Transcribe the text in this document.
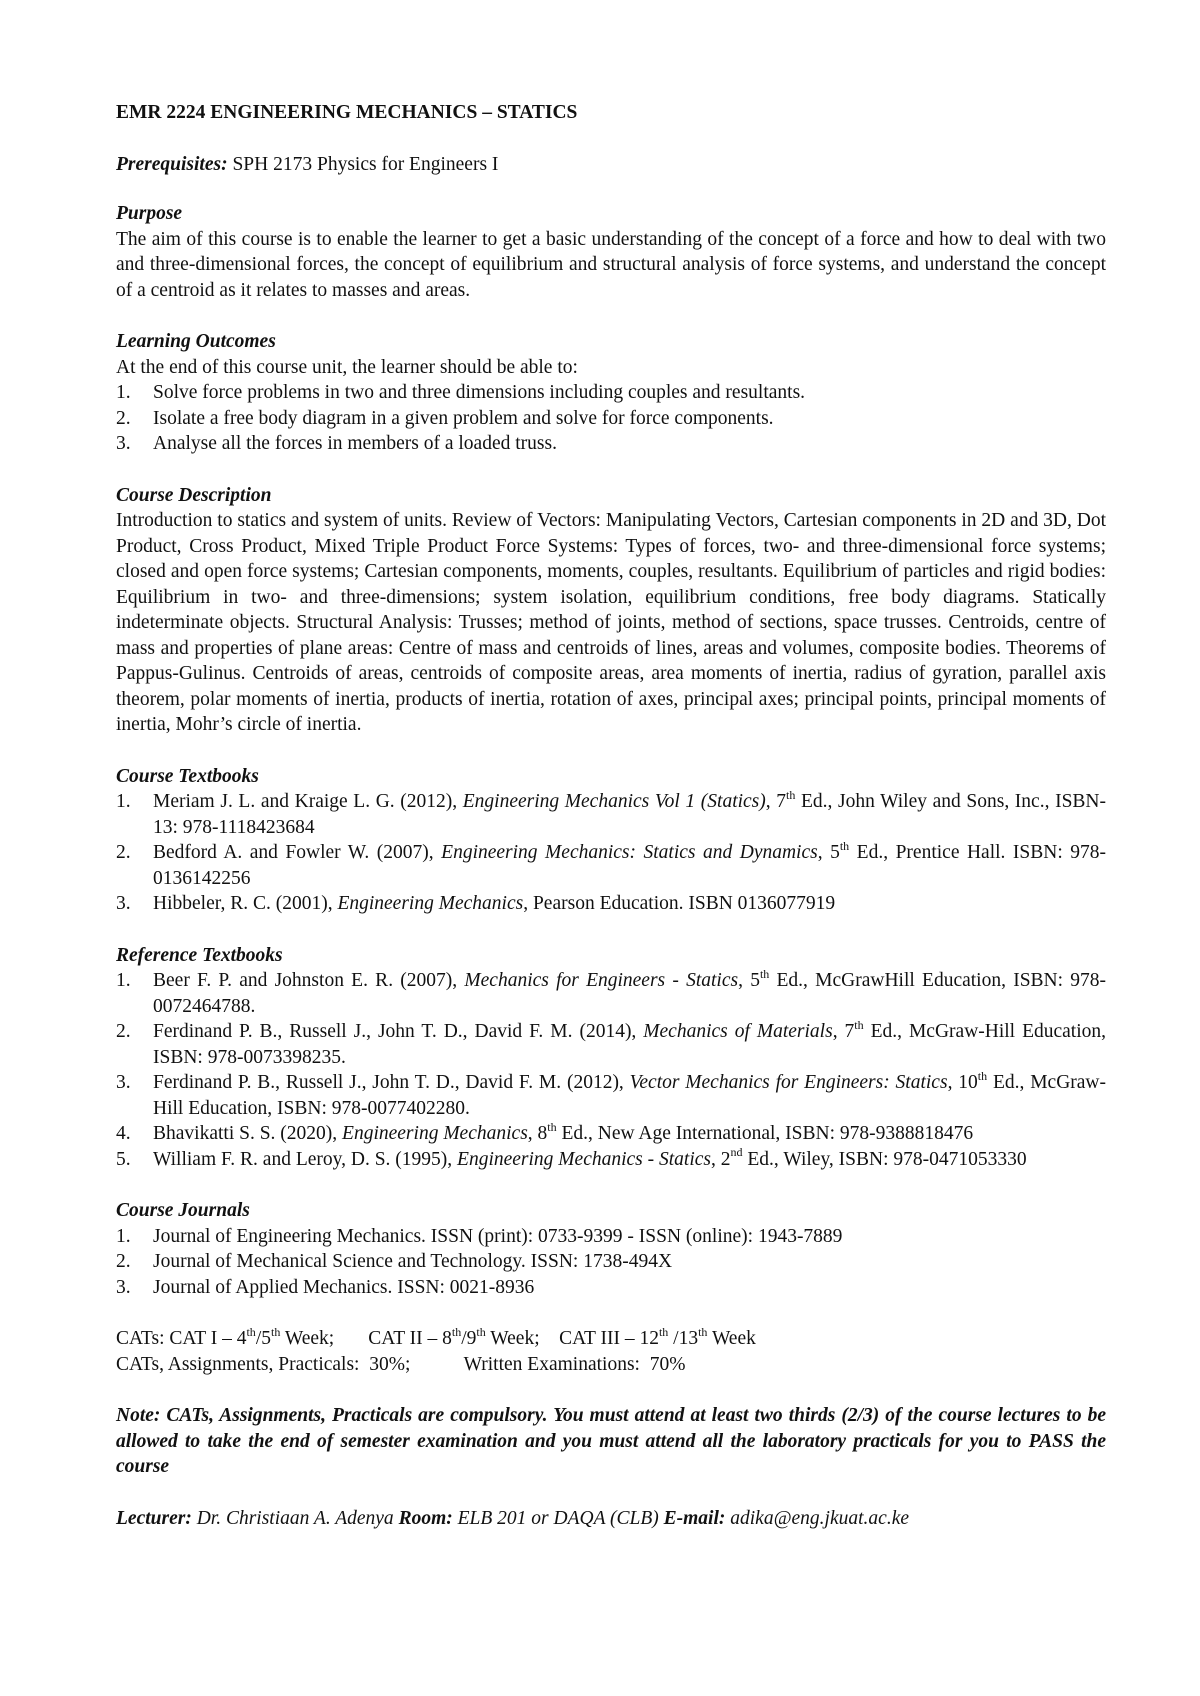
EMR 2224 ENGINEERING MECHANICS – STATICS

Prerequisites: SPH 2173 Physics for Engineers I

Purpose

The aim of this course is to enable the learner to get a basic understanding of the concept of a force and how to deal with two and three-dimensional forces, the concept of equilibrium and structural analysis of force systems, and understand the concept of a centroid as it relates to masses and areas.

Learning Outcomes

At the end of this course unit, the learner should be able to:

1. Solve force problems in two and three dimensions including couples and resultants.
2. Isolate a free body diagram in a given problem and solve for force components.
3. Analyse all the forces in members of a loaded truss.
Course Description

Introduction to statics and system of units. Review of Vectors: Manipulating Vectors, Cartesian components in 2D and 3D, Dot Product, Cross Product, Mixed Triple Product Force Systems: Types of forces, two- and three-dimensional force systems; closed and open force systems; Cartesian components, moments, couples, resultants. Equilibrium of particles and rigid bodies: Equilibrium in two- and three-dimensions; system isolation, equilibrium conditions, free body diagrams. Statically indeterminate objects. Structural Analysis: Trusses; method of joints, method of sections, space trusses. Centroids, centre of mass and properties of plane areas: Centre of mass and centroids of lines, areas and volumes, composite bodies. Theorems of Pappus-Gulinus. Centroids of areas, centroids of composite areas, area moments of inertia, radius of gyration, parallel axis theorem, polar moments of inertia, products of inertia, rotation of axes, principal axes; principal points, principal moments of inertia, Mohr’s circle of inertia.

Course Textbooks
1. Meriam J. L. and Kraige L. G. (2012), Engineering Mechanics Vol 1 (Statics), 7th Ed., John Wiley and Sons, Inc., ISBN-13: 978-1118423684
2. Bedford A. and Fowler W. (2007), Engineering Mechanics: Statics and Dynamics, 5th Ed., Prentice Hall. ISBN: 978-0136142256
3. Hibbeler, R. C. (2001), Engineering Mechanics, Pearson Education. ISBN 0136077919
Reference Textbooks
1. Beer F. P. and Johnston E. R. (2007), Mechanics for Engineers - Statics, 5th Ed., McGrawHill Education, ISBN: 978-0072464788.
2. Ferdinand P. B., Russell J., John T. D., David F. M. (2014), Mechanics of Materials, 7th Ed., McGraw-Hill Education, ISBN: 978-0073398235.
3. Ferdinand P. B., Russell J., John T. D., David F. M. (2012), Vector Mechanics for Engineers: Statics, 10th Ed., McGraw-Hill Education, ISBN: 978-0077402280.
4. Bhavikatti S. S. (2020), Engineering Mechanics, 8th Ed., New Age International, ISBN: 978-9388818476
5. William F. R. and Leroy, D. S. (1995), Engineering Mechanics - Statics, 2nd Ed., Wiley, ISBN: 978-0471053330
Course Journals
1. Journal of Engineering Mechanics. ISSN (print): 0733-9399 - ISSN (online): 1943-7889
2. Journal of Mechanical Science and Technology. ISSN: 1738-494X
3. Journal of Applied Mechanics. ISSN: 0021-8936
CATs: CAT I – 4th/5th Week;       CAT II – 8th/9th Week;    CAT III – 12th /13th Week
CATs, Assignments, Practicals:  30%;           Written Examinations:  70%

Note: CATs, Assignments, Practicals are compulsory. You must attend at least two thirds (2/3) of the course lectures to be allowed to take the end of semester examination and you must attend all the laboratory practicals for you to PASS the course

Lecturer: Dr. Christiaan A. Adenya Room: ELB 201 or DAQA (CLB) E-mail: adika@eng.jkuat.ac.ke
